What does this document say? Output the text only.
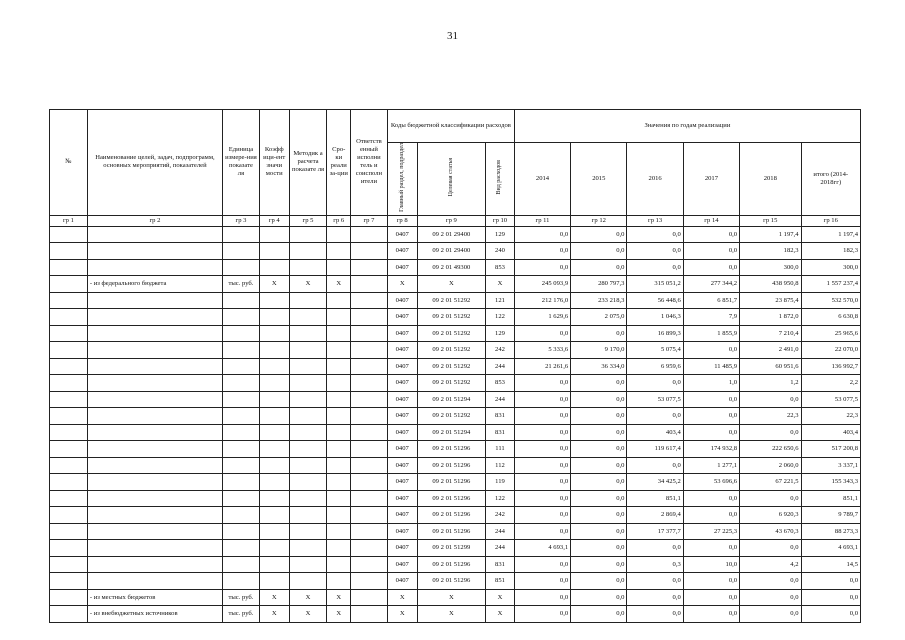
31
№	Наименование целей, задач, подпрограмм, основных мероприятий, показателей	Единица измере-ния показате ля	Коэфф ици-ент значи мости	Методик а расчета показате ля	Сро-ки реали за-ции	Ответств енный исполни тель и соисполн ители	Коды бюджетной классификации расходов			Значения по годам реализации					
							Главный раздел, подраздел	Целевая статья	Вид расходов	2014	2015	2016	2017	2018	итого (2014-2018гг)
гр 1	гр 2	гр 3	гр 4	гр 5	гр 6	гр 7	гр 8	гр 9	гр 10	гр 11	гр 12	гр 13	гр 14	гр 15	гр 16
							0407	09 2 01 29400	129	0,0	0,0	0,0	0,0	1 197,4	1 197,4
							0407	09 2 01 29400	240	0,0	0,0	0,0	0,0	182,3	182,3
							0407	09 2 01 49300	853	0,0	0,0	0,0	0,0	300,0	300,0
	- из федерального бюджета	тыс. руб.	X	X	X		X	X	X	245 093,9	280 797,3	315 051,2	277 344,2	438 950,8	1 557 237,4
							0407	09 2 01 51292	121	212 176,0	233 218,3	56 448,6	6 851,7	23 875,4	532 570,0
							0407	09 2 01 51292	122	1 629,6	2 075,0	1 046,3	7,9	1 872,0	6 630,8
							0407	09 2 01 51292	129	0,0	0,0	16 899,3	1 855,9	7 210,4	25 965,6
							0407	09 2 01 51292	242	5 333,6	9 170,0	5 075,4	0,0	2 491,0	22 070,0
							0407	09 2 01 51292	244	21 261,6	36 334,0	6 959,6	11 485,9	60 951,6	136 992,7
							0407	09 2 01 51292	853	0,0	0,0	0,0	1,0	1,2	2,2
							0407	09 2 01 51294	244	0,0	0,0	53 077,5	0,0	0,0	53 077,5
							0407	09 2 01 51292	831	0,0	0,0	0,0	0,0	22,3	22,3
							0407	09 2 01 51294	831	0,0	0,0	403,4	0,0	0,0	403,4
							0407	09 2 01 51296	111	0,0	0,0	119 617,4	174 932,8	222 650,6	517 200,8
							0407	09 2 01 51296	112	0,0	0,0	0,0	1 277,1	2 060,0	3 337,1
							0407	09 2 01 51296	119	0,0	0,0	34 425,2	53 696,6	67 221,5	155 343,3
							0407	09 2 01 51296	122	0,0	0,0	851,1	0,0	0,0	851,1
							0407	09 2 01 51296	242	0,0	0,0	2 869,4	0,0	6 920,3	9 789,7
							0407	09 2 01 51296	244	0,0	0,0	17 377,7	27 225,3	43 670,3	88 273,3
							0407	09 2 01 51299	244	4 693,1	0,0	0,0	0,0	0,0	4 693,1
							0407	09 2 01 51296	831	0,0	0,0	0,3	10,0	4,2	14,5
							0407	09 2 01 51296	851	0,0	0,0	0,0	0,0	0,0	0,0
	- из местных бюджетов	тыс. руб.	X	X	X		X	X	X	0,0	0,0	0,0	0,0	0,0	0,0
	- из внебюджетных источников	тыс. руб.	X	X	X		X	X	X	0,0	0,0	0,0	0,0	0,0	0,0
